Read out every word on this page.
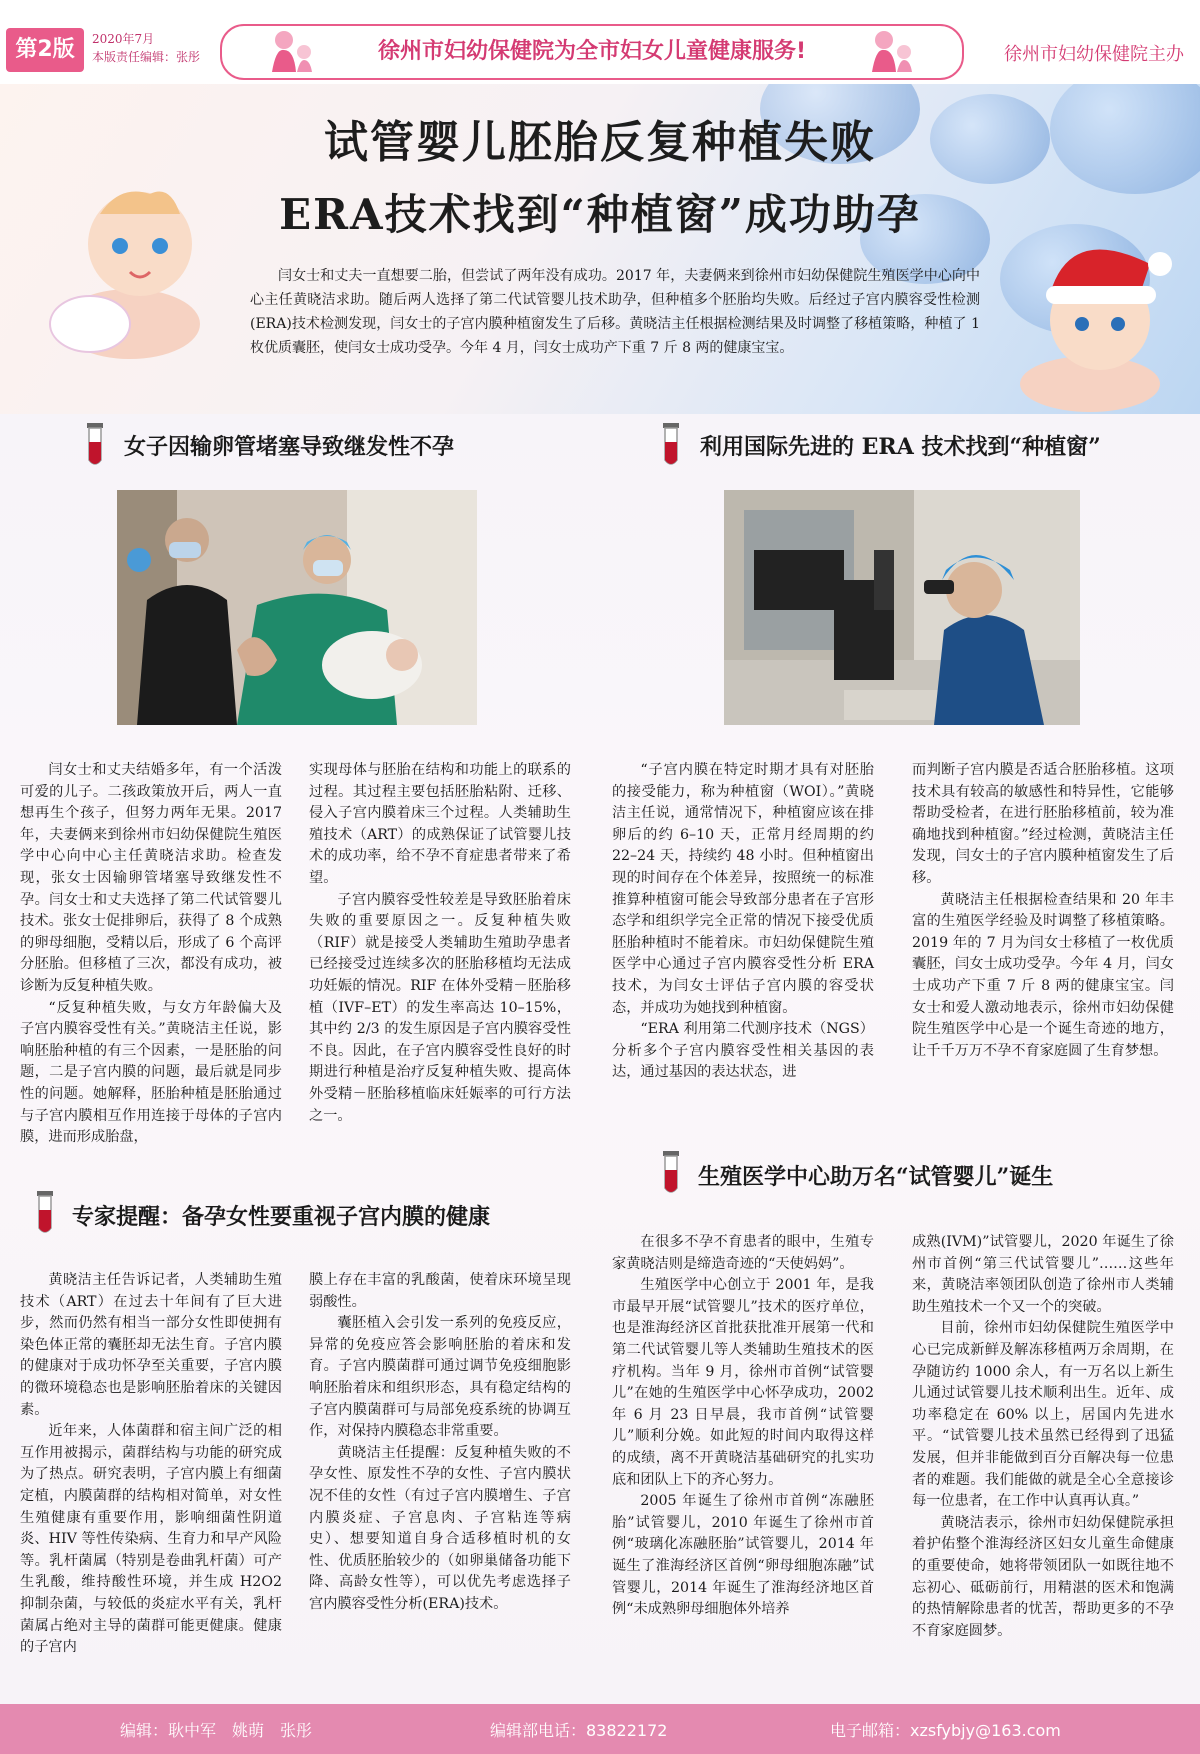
第2版	2020年7月
本版责任编辑：张彤	徐州市妇幼保健院为全市妇女儿童健康服务!	徐州市妇幼保健院主办
试管婴儿胚胎反复种植失败
ERA技术找到“种植窗”成功助孕
闫女士和丈夫一直想要二胎，但尝试了两年没有成功。2017 年，夫妻俩来到徐州市妇幼保健院生殖医学中心向中心主任黄晓洁求助。随后两人选择了第二代试管婴儿技术助孕，但种植多个胚胎均失败。后经过子宫内膜容受性检测(ERA)技术检测发现，闫女士的子宫内膜种植窗发生了后移。黄晓洁主任根据检测结果及时调整了移植策略，种植了 1 枚优质囊胚，使闫女士成功受孕。今年 4 月，闫女士成功产下重 7 斤 8 两的健康宝宝。
女子因输卵管堵塞导致继发性不孕	利用国际先进的 ERA 技术找到“种植窗”

闫女士和丈夫结婚多年，有一个活泼可爱的儿子。二孩政策放开后，两人一直想再生个孩子，但努力两年无果。2017 年，夫妻俩来到徐州市妇幼保健院生殖医学中心向中心主任黄晓洁求助。检查发现，张女士因输卵管堵塞导致继发性不孕。闫女士和丈夫选择了第二代试管婴儿技术。张女士促排卵后，获得了 8 个成熟的卵母细胞，受精以后，形成了 6 个高评分胚胎。但移植了三次，都没有成功，被诊断为反复种植失败。

“反复种植失败，与女方年龄偏大及子宫内膜容受性有关。”黄晓洁主任说，影响胚胎种植的有三个因素，一是胚胎的问题，二是子宫内膜的问题，最后就是同步性的问题。她解释，胚胎种植是胚胎通过与子宫内膜相互作用连接于母体的子宫内膜，进而形成胎盘，

实现母体与胚胎在结构和功能上的联系的过程。其过程主要包括胚胎粘附、迁移、侵入子宫内膜着床三个过程。人类辅助生殖技术（ART）的成熟保证了试管婴儿技术的成功率，给不孕不育症患者带来了希望。

子宫内膜容受性较差是导致胚胎着床失败的重要原因之一。反复种植失败（RIF）就是接受人类辅助生殖助孕患者已经接受过连续多次的胚胎移植均无法成功妊娠的情况。RIF 在体外受精－胚胎移植（IVF–ET）的发生率高达 10–15%，其中约 2/3 的发生原因是子宫内膜容受性不良。因此，在子宫内膜容受性良好的时期进行种植是治疗反复种植失败、提高体外受精－胚胎移植临床妊娠率的可行方法之一。

“子宫内膜在特定时期才具有对胚胎的接受能力，称为种植窗（WOI）。”黄晓洁主任说，通常情况下，种植窗应该在排卵后的约 6–10 天，正常月经周期的约 22–24 天，持续约 48 小时。但种植窗出现的时间存在个体差异，按照统一的标准推算种植窗可能会导致部分患者在子宫形态学和组织学完全正常的情况下接受优质胚胎种植时不能着床。市妇幼保健院生殖医学中心通过子宫内膜容受性分析 ERA 技术，为闫女士评估子宫内膜的容受状态，并成功为她找到种植窗。

“ERA 利用第二代测序技术（NGS）分析多个子宫内膜容受性相关基因的表达，通过基因的表达状态，进

而判断子宫内膜是否适合胚胎移植。这项技术具有较高的敏感性和特异性，它能够帮助受检者，在进行胚胎移植前，较为准确地找到种植窗。”经过检测，黄晓洁主任发现，闫女士的子宫内膜种植窗发生了后移。

黄晓洁主任根据检查结果和 20 年丰富的生殖医学经验及时调整了移植策略。2019 年的 7 月为闫女士移植了一枚优质囊胚，闫女士成功受孕。今年 4 月，闫女士成功产下重 7 斤 8 两的健康宝宝。闫女士和爱人激动地表示，徐州市妇幼保健院生殖医学中心是一个诞生奇迹的地方，让千千万万不孕不育家庭圆了生育梦想。

专家提醒：备孕女性要重视子宫内膜的健康
生殖医学中心助万名“试管婴儿”诞生

黄晓洁主任告诉记者，人类辅助生殖技术（ART）在过去十年间有了巨大进步，然而仍然有相当一部分女性即使拥有染色体正常的囊胚却无法生育。子宫内膜的健康对于成功怀孕至关重要，子宫内膜的微环境稳态也是影响胚胎着床的关键因素。

近年来，人体菌群和宿主间广泛的相互作用被揭示，菌群结构与功能的研究成为了热点。研究表明，子宫内膜上有细菌定植，内膜菌群的结构相对简单，对女性生殖健康有重要作用，影响细菌性阴道炎、HIV 等性传染病、生育力和早产风险等。乳杆菌属（特别是卷曲乳杆菌）可产生乳酸，维持酸性环境，并生成 H2O2 抑制杂菌，与较低的炎症水平有关，乳杆菌属占绝对主导的菌群可能更健康。健康的子宫内

膜上存在丰富的乳酸菌，使着床环境呈现弱酸性。

囊胚植入会引发一系列的免疫反应，异常的免疫应答会影响胚胎的着床和发育。子宫内膜菌群可通过调节免疫细胞影响胚胎着床和组织形态，具有稳定结构的子宫内膜菌群可与局部免疫系统的协调互作，对保持内膜稳态非常重要。

黄晓洁主任提醒：反复种植失败的不孕女性、原发性不孕的女性、子宫内膜状况不佳的女性（有过子宫内膜增生、子宫内膜炎症、子宫息肉、子宫粘连等病史）、想要知道自身合适移植时机的女性、优质胚胎较少的（如卵巢储备功能下降、高龄女性等），可以优先考虑选择子宫内膜容受性分析(ERA)技术。

在很多不孕不育患者的眼中，生殖专家黄晓洁则是缔造奇迹的“天使妈妈”。

生殖医学中心创立于 2001 年，是我市最早开展“试管婴儿”技术的医疗单位，也是淮海经济区首批获批准开展第一代和第二代试管婴儿等人类辅助生殖技术的医疗机构。当年 9 月，徐州市首例“试管婴儿”在她的生殖医学中心怀孕成功，2002 年 6 月 23 日早晨，我市首例“试管婴儿”顺利分娩。如此短的时间内取得这样的成绩，离不开黄晓洁基础研究的扎实功底和团队上下的齐心努力。

2005 年诞生了徐州市首例“冻融胚胎”试管婴儿，2010 年诞生了徐州市首例“玻璃化冻融胚胎”试管婴儿，2014 年诞生了淮海经济区首例“卵母细胞冻融”试管婴儿，2014 年诞生了淮海经济地区首例“未成熟卵母细胞体外培养

成熟(IVM)”试管婴儿，2020 年诞生了徐州市首例“第三代试管婴儿”……这些年来，黄晓洁率领团队创造了徐州市人类辅助生殖技术一个又一个的突破。

目前，徐州市妇幼保健院生殖医学中心已完成新鲜及解冻移植两万余周期，在孕随访约 1000 余人，有一万名以上新生儿通过试管婴儿技术顺利出生。近年、成功率稳定在 60% 以上，居国内先进水平。“试管婴儿技术虽然已经得到了迅猛发展，但并非能做到百分百解决每一位患者的难题。我们能做的就是全心全意接诊每一位患者，在工作中认真再认真。”

黄晓洁表示，徐州市妇幼保健院承担着护佑整个淮海经济区妇女儿童生命健康的重要使命，她将带领团队一如既往地不忘初心、砥砺前行，用精湛的医术和饱满的热情解除患者的忧苦，帮助更多的不孕不育家庭圆梦。

编辑：耿中军　姚萌　张彤	编辑部电话：83822172	电子邮箱：xzsfybjy@163.com
